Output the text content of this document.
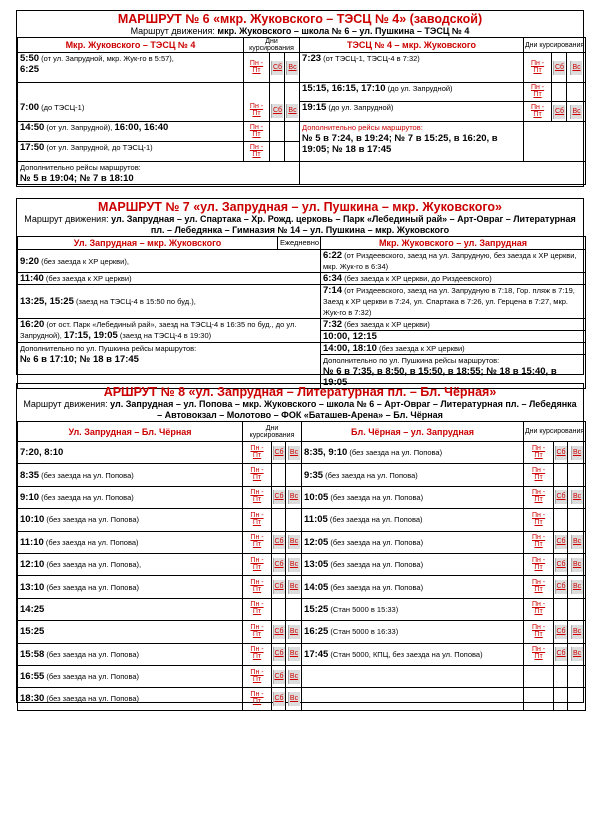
МАРШРУТ № 6 «мкр. Жуковского – ТЭСЦ № 4» (заводской)
Маршрут движения: мкр. Жуковского – школа № 6 – ул. Пушкина – ТЭСЦ № 4
Мкр. Жуковского – ТЭСЦ № 4	Дни курсирования			ТЭСЦ № 4 – мкр. Жуковского	Дни курсирования		
5:50 (от ул. Запрудной, мкр. Жук-го в 5:57),
6:25	Пн - Пт	Сб	Вс	7:23 (от ТЭСЦ-1, ТЭСЦ-4 в 7:32)	Пн - Пт	Сб	Вс
				15:15, 16:15, 17:10 (до ул. Запрудной)	Пн - Пт		
7:00 (до ТЭСЦ-1)	Пн - Пт	Сб	Вс	19:15 (до ул. Запрудной)	Пн - Пт	Сб	Вс
14:50 (от ул. Запрудной), 16:00, 16:40	Пн - Пт			Дополнительно рейсы маршрутов:
№ 5 в 7:24, в 19:24; № 7 в 15:25, в 16:20, в 19:05; № 18 в 17:45			
17:50 (от ул. Запрудной, до ТЭСЦ-1)	Пн - Пт						
Дополнительно рейсы маршрутов:
№ 5 в 19:04; № 7 в 18:10							
МАРШРУТ № 7 «ул. Запрудная – ул. Пушкина – мкр. Жуковского»
Маршрут движения: ул. Запрудная – ул. Спартака – Хр. Рожд. церковь – Парк «Лебединый рай» – Арт-Овраг – Литературная пл. – Лебедянка – Гимназия № 14 – ул. Пушкина – мкр. Жуковского
Ул. Запрудная – мкр. Жуковского	Ежедневно	Мкр. Жуковского – ул. Запрудная
9:20 (без заезда к ХР церкви),		6:22 (от Риздеевского, заезд на ул. Запрудную, без заезда к ХР церкви, мкр. Жук-го в 6:34)
11:40 (без заезда к ХР церкви)		6:34 (без заезда к ХР церкви, до Риздеевского)
13:25, 15:25 (заезд на ТЭСЦ-4 в 15:50 по буд.),		7:14 (от Риздеевского, заезд на ул. Запрудную в 7:18, Гор. пляж в 7:19, Заезд к ХР церкви в 7:24, ул. Спартака в 7:26, ул. Герцена в 7:27, мкр. Жук-го в 7:32)
16:20 (от ост. Парк «Лебединый рай», заезд на ТЭСЦ-4 в 16:35 по буд., до ул. Запрудной), 17:15, 19:05 (заезд на ТЭСЦ-4 в 19:30)		7:32 (без заезда к ХР церкви)
		10:00, 12:15
Дополнительно по ул. Пушкина рейсы маршрутов:
№ 6 в 17:10; № 18 в 17:45		14:00, 18:10 (без заезда к ХР церкви)
		Дополнительно по ул. Пушкина рейсы маршрутов:
№ 6 в 7:35, в 8:50, в 15:50, в 18:55; № 18 в 15:40, в 19:05
АРШРУТ № 8 «ул. Запрудная – Литературная пл. – Бл. Чёрная»
Маршрут движения: ул. Запрудная – ул. Попова – мкр. Жуковского – школа № 6 – Арт-Овраг – Литературная пл. – Лебедянка – Автовокзал – Молотово – ФОК «Баташев-Арена» – Бл. Чёрная
Ул. Запрудная – Бл. Чёрная	Дни курсирования			Бл. Чёрная – ул. Запрудная	Дни курсирования		
7:20, 8:10	Пн - Пт	Сб	Вс	8:35, 9:10 (без заезда на ул. Попова)	Пн - Пт	Сб	Вс
8:35 (без заезда на ул. Попова)	Пн - Пт			9:35 (без заезда на ул. Попова)	Пн - Пт		
9:10 (без заезда на ул. Попова)	Пн - Пт	Сб	Вс	10:05 (без заезда на ул. Попова)	Пн - Пт	Сб	Вс
10:10 (без заезда на ул. Попова)	Пн - Пт			11:05 (без заезда на ул. Попова)	Пн - Пт		
11:10 (без заезда на ул. Попова)	Пн - Пт	Сб	Вс	12:05 (без заезда на ул. Попова)	Пн - Пт	Сб	Вс
12:10 (без заезда на ул. Попова),	Пн - Пт	Сб	Вс	13:05 (без заезда на ул. Попова)	Пн - Пт	Сб	Вс
13:10 (без заезда на ул. Попова)	Пн - Пт	Сб	Вс	14:05 (без заезда на ул. Попова)	Пн - Пт	Сб	Вс
14:25	Пн - Пт			15:25 (Стан 5000 в 15:33)	Пн - Пт		
15:25	Пн - Пт	Сб	Вс	16:25 (Стан 5000 в 16:33)	Пн - Пт	Сб	Вс
15:58 (без заезда на ул. Попова)	Пн - Пт	Сб	Вс	17:45 (Стан 5000, КПЦ, без заезда на ул. Попова)	Пн - Пт	Сб	Вс
16:55 (без заезда на ул. Попова)	Пн - Пт	Сб	Вс				
18:30 (без заезда на ул. Попова)	Пн - Пт	Сб	Вс				
